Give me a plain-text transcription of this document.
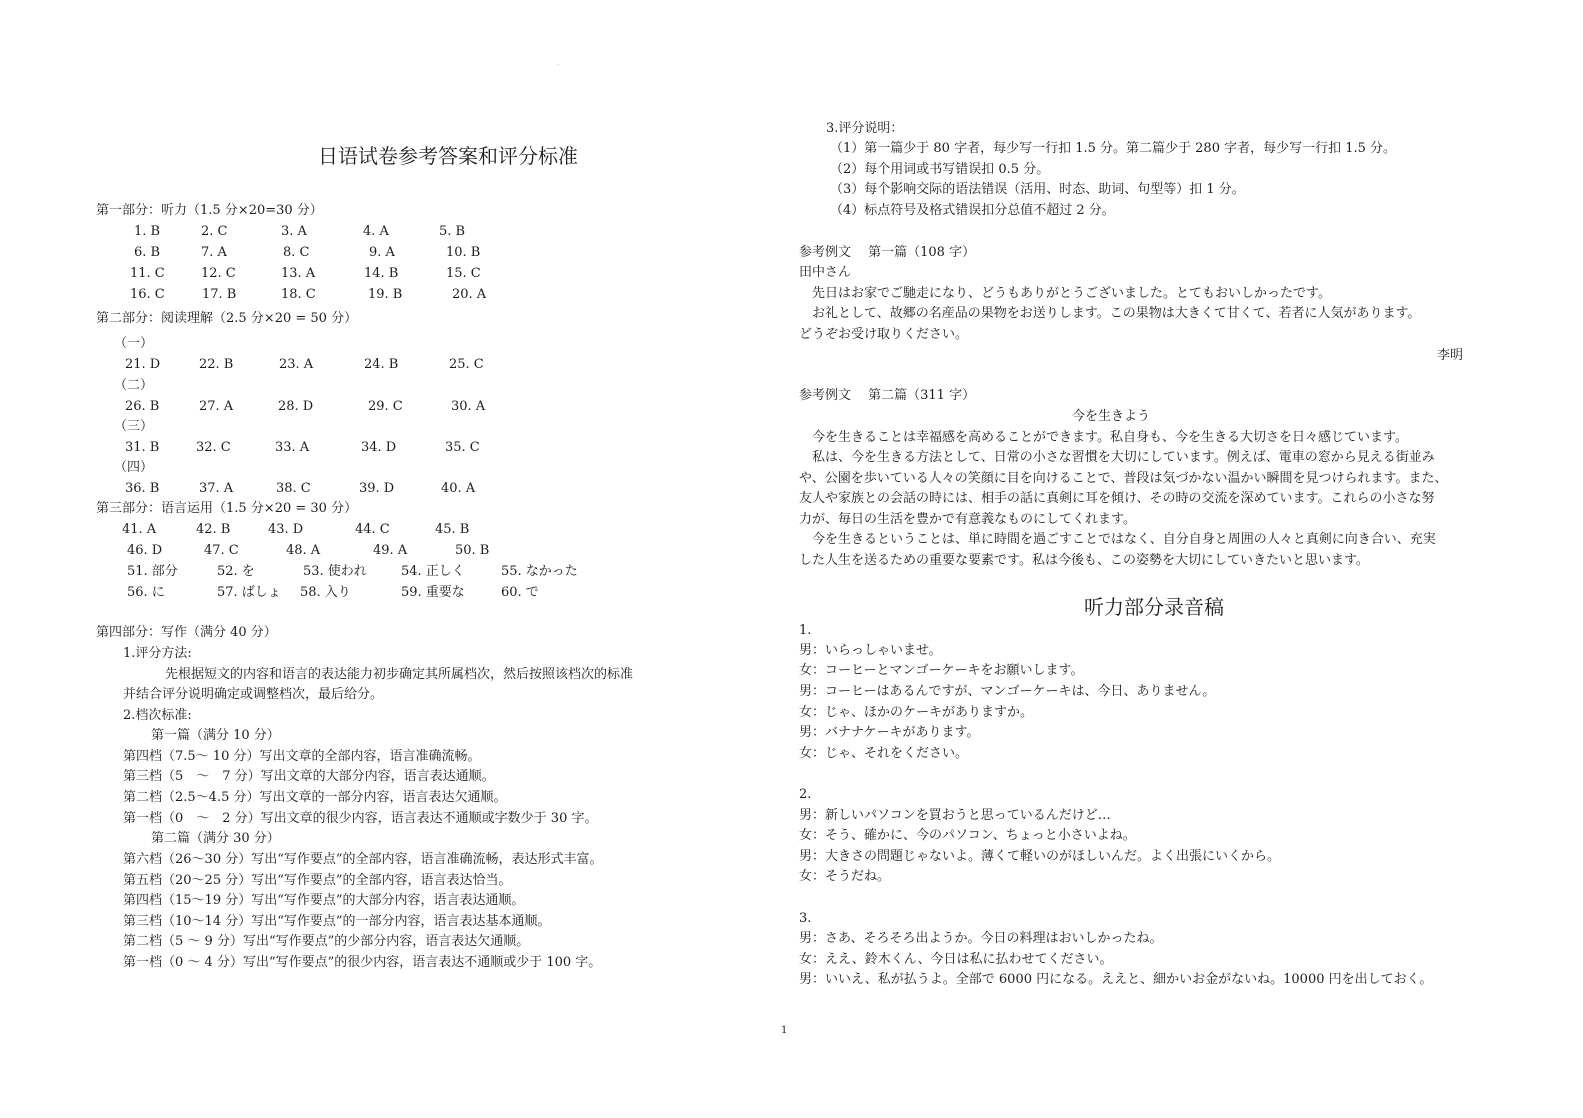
·
日语试卷参考答案和评分标准
第一部分：听力（1.5 分×20=30 分）
1. B	2. C	3. A	4. A	5. B
6. B	7. A	8. C	9. A	10. B
11. C	12. C	13. A	14. B	15. C
16. C	17. B	18. C	19. B	20. A
第二部分：阅读理解（2.5 分×20 = 50 分）
（一）
21. D	22. B	23. A	24. B	25. C
（二）
26. B	27. A	28. D	29. C	30. A
（三）
31. B	32. C	33. A	34. D	35. C
（四）
36. B	37. A	38. C	39. D	40. A
第三部分：语言运用（1.5 分×20 = 30 分）
41. A	42. B	43. D	44. C	45. B
46. D	47. C	48. A	49. A	50. B
51. 部分	52. を	53. 使われ	54. 正しく	55. なかった
56. に	57. ばしょ 58. 入り	59. 重要な	60. で
第四部分：写作（满分 40 分）
1.评分方法:
先根据短文的内容和语言的表达能力初步确定其所属档次，然后按照该档次的标准
并结合评分说明确定或调整档次，最后给分。
2.档次标准:
第一篇（满分 10 分）
第四档（7.5～ 10 分）写出文章的全部内容，语言准确流畅。
第三档（5　～　7 分）写出文章的大部分内容，语言表达通顺。
第二档（2.5～4.5 分）写出文章的一部分内容，语言表达欠通顺。
第一档（0　～　2 分）写出文章的很少内容，语言表达不通顺或字数少于 30 字。
第二篇（满分 30 分）
第六档（26～30 分）写出“写作要点”的全部内容，语言准确流畅，表达形式丰富。
第五档（20～25 分）写出“写作要点”的全部内容，语言表达恰当。
第四档（15～19 分）写出“写作要点”的大部分内容，语言表达通顺。
第三档（10～14 分）写出“写作要点”的一部分内容，语言表达基本通顺。
第二档（5 ～ 9 分）写出“写作要点”的少部分内容，语言表达欠通顺。
第一档（0 ～ 4 分）写出“写作要点”的很少内容，语言表达不通顺或少于 100 字。
3.评分说明：
（1）第一篇少于 80 字者，每少写一行扣 1.5 分。第二篇少于 280 字者，每少写一行扣 1.5 分。
（2）每个用词或书写错误扣 0.5 分。
（3）每个影响交际的语法错误（活用、时态、助词、句型等）扣 1 分。
（4）标点符号及格式错误扣分总值不超过 2 分。
参考例文　 第一篇（108 字）
田中さん
　先日はお家でご馳走になり、どうもありがとうございました。とてもおいしかったです。
　お礼として、故郷の名産品の果物をお送りします。この果物は大きくて甘くて、若者に人気があります。
どうぞお受け取りください。
李明
参考例文　 第二篇（311 字）
今を生きよう
　今を生きることは幸福感を高めることができます。私自身も、今を生きる大切さを日々感じています。
　私は、今を生きる方法として、日常の小さな習慣を大切にしています。例えば、電車の窓から見える街並み
や、公園を歩いている人々の笑顔に目を向けることで、普段は気づかない温かい瞬間を見つけられます。また、
友人や家族との会話の時には、相手の話に真剣に耳を傾け、その時の交流を深めています。これらの小さな努
力が、毎日の生活を豊かで有意義なものにしてくれます。
　今を生きるということは、単に時間を過ごすことではなく、自分自身と周囲の人々と真剣に向き合い、充実
した人生を送るための重要な要素です。私は今後も、この姿勢を大切にしていきたいと思います。
听力部分录音稿
1.
男：いらっしゃいませ。
女：コーヒーとマンゴーケーキをお願いします。
男：コーヒーはあるんですが、マンゴーケーキは、今日、ありません。
女：じゃ、ほかのケーキがありますか。
男：バナナケーキがあります。
女：じゃ、それをください。
2.
男：新しいパソコンを買おうと思っているんだけど…
女：そう、確かに、今のパソコン、ちょっと小さいよね。
男：大きさの問題じゃないよ。薄くて軽いのがほしいんだ。よく出張にいくから。
女：そうだね。
3.
男：さあ、そろそろ出ようか。今日の料理はおいしかったね。
女：ええ、鈴木くん、今日は私に払わせてください。
男：いいえ、私が払うよ。全部で 6000 円になる。ええと、細かいお金がないね。10000 円を出しておく。
1
